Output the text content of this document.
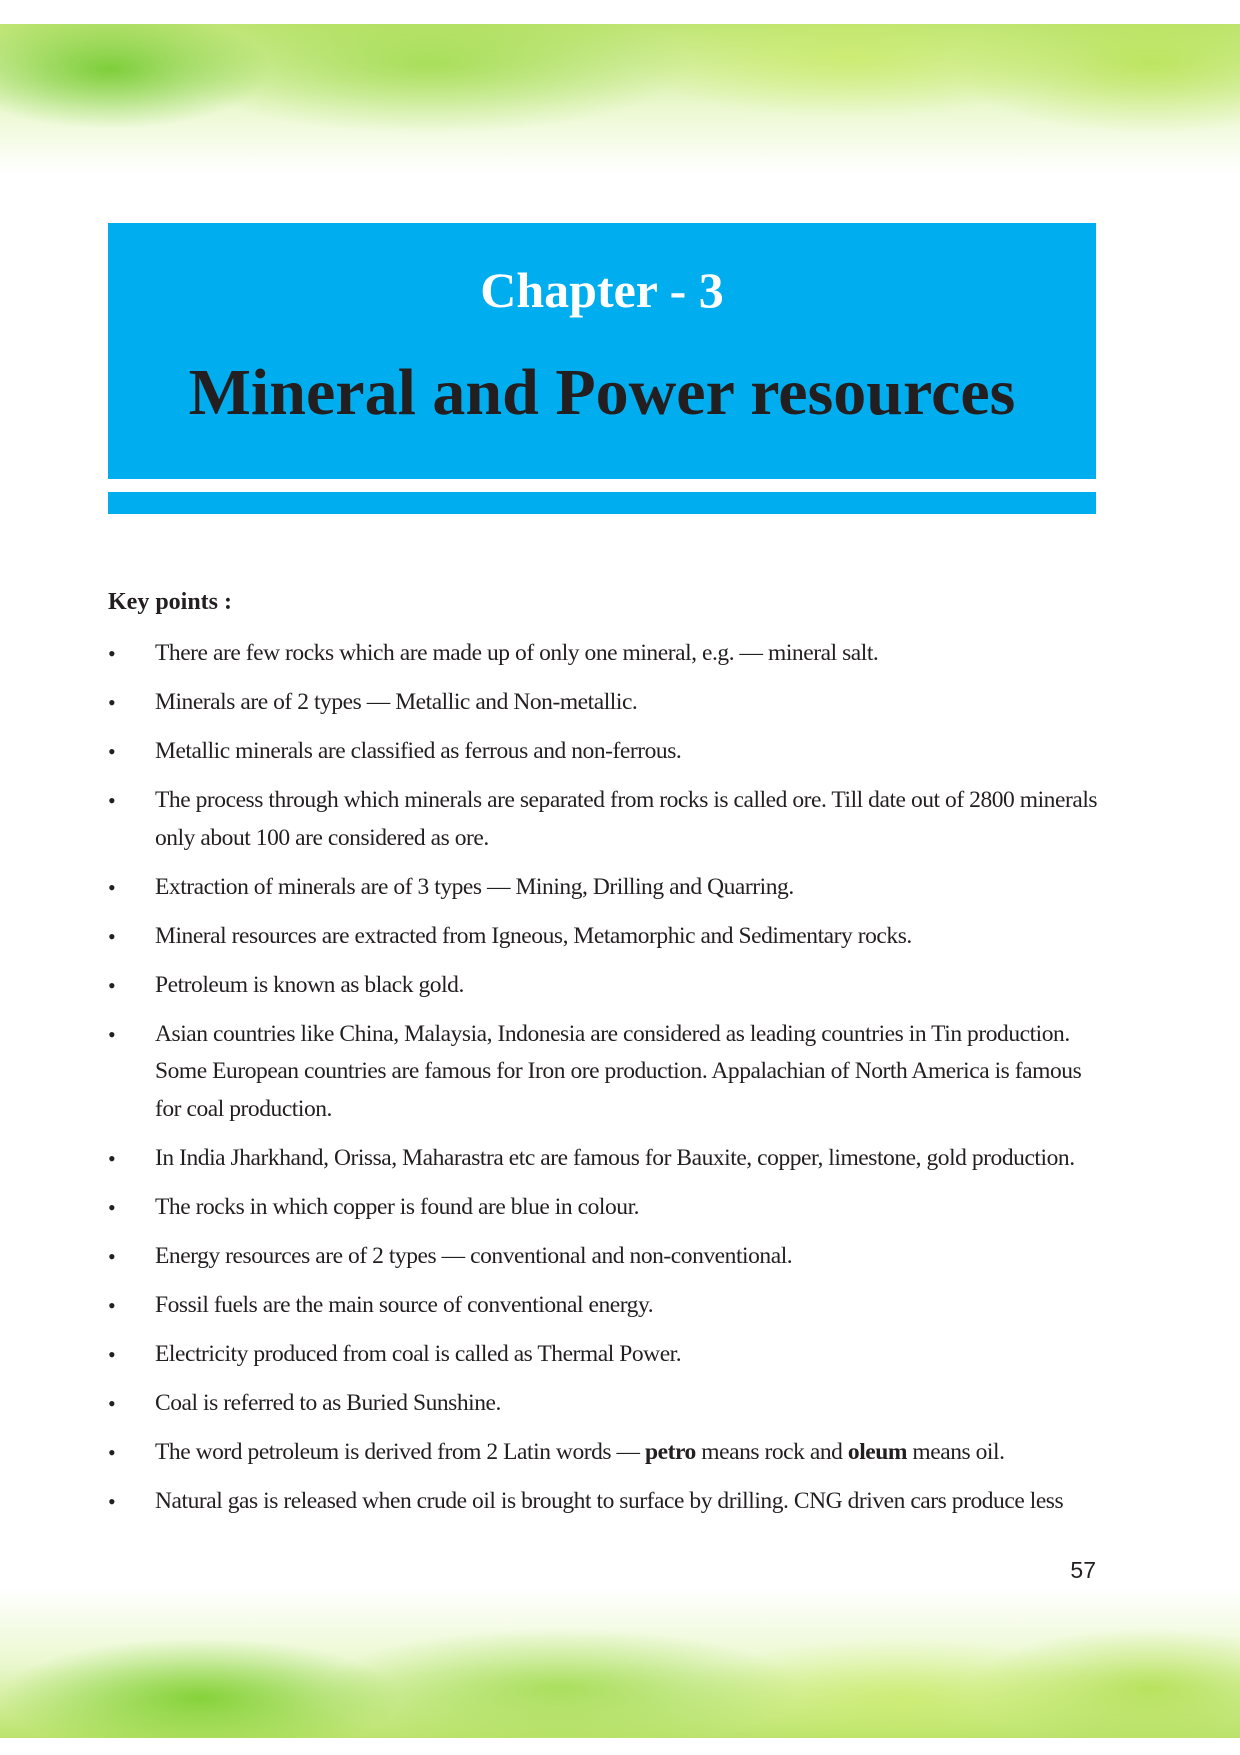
Chapter - 3
Mineral and Power resources
Key points :
• There are few rocks which are made up of only one mineral, e.g. — mineral salt.
• Minerals are of 2 types — Metallic and Non-metallic.
• Metallic minerals are classified as ferrous and non-ferrous.
• The process through which minerals are separated from rocks is called ore. Till date out of 2800 minerals only about 100 are considered as ore.
• Extraction of minerals are of 3 types — Mining, Drilling and Quarring.
• Mineral resources are extracted from Igneous, Metamorphic and Sedimentary rocks.
• Petroleum is known as black gold.
• Asian countries like China, Malaysia, Indonesia are considered as leading countries in Tin production. Some European countries are famous for Iron ore production. Appalachian of North America is famous for coal production.
• In India Jharkhand, Orissa, Maharastra etc are famous for Bauxite, copper, limestone, gold production.
• The rocks in which copper is found are blue in colour.
• Energy resources are of 2 types — conventional and non-conventional.
• Fossil fuels are the main source of conventional energy.
• Electricity produced from coal is called as Thermal Power.
• Coal is referred to as Buried Sunshine.
• The word petroleum is derived from 2 Latin words — petro means rock and oleum means oil.
• Natural gas is released when crude oil is brought to surface by drilling. CNG driven cars produce less
57
